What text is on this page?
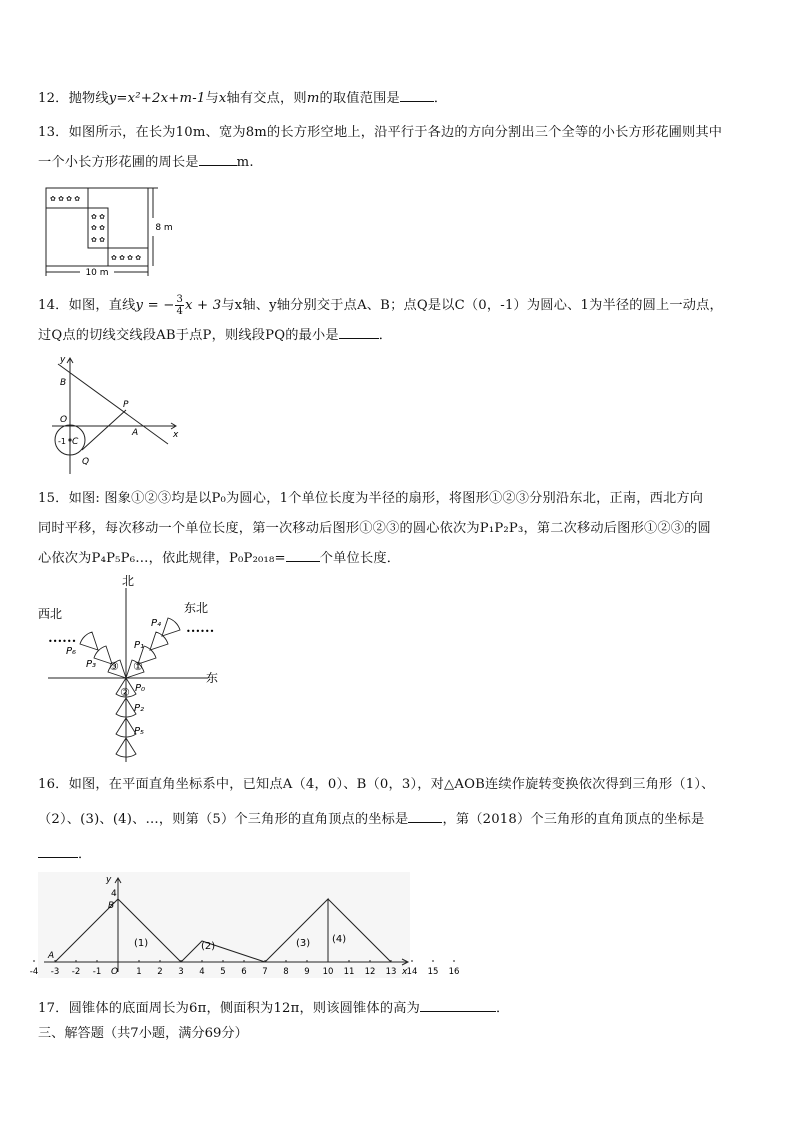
12．抛物线y=x²+2x+m-1与x轴有交点，则m的取值范围是	．
13．如图所示，在长为10m、宽为8m的长方形空地上，沿平行于各边的方向分割出三个全等的小长方形花圃则其中
一个小长方形花圃的周长是	m.
✿ ✿ ✿ ✿
✿ ✿
✿ ✿
✿ ✿
✿ ✿ ✿ ✿
10 m
8 m
14．如图，直线y = − $\frac{3}{4}$ x + 3与x轴、y轴分别交于点A、B；点Q是以C（0，-1）为圆心、1为半径的圆上一动点，
过Q点的切线交线段AB于点P，则线段PQ的最小是	．
y
B
O
P
A	x
C
Q
-1
15．如图: 图象①②③均是以P₀为圆心，1个单位长度为半径的扇形，将图形①②③分别沿东北，正南，西北方向
同时平移，每次移动一个单位长度，第一次移动后图形①②③的圆心依次为P₁P₂P₃，第二次移动后图形①②③的圆
心依次为P₄P₅P₆…，依此规律，P₀P₂₀₁₈=	个单位长度．
北
东
西北	东北
••••••
••••••
P₀
P₁
P₂
P₃
P₄
P₅
P₆
①
②
③
16．如图，在平面直角坐标系中，已知点A（4，0）、B（0，3），对△AOB连续作旋转变换依次得到三角形（1）、
（2）、(3)、(4)、…，则第（5）个三角形的直角顶点的坐标是	，第（2018）个三角形的直角顶点的坐标是
．
y
x
B
A
O
4
(1)	(2)	(3) (4)
-4 -3 -2 -1	1 2 3 4 5 6 7 8 9 10 11 12 13 14 15 16
17．圆锥体的底面周长为6π，侧面积为12π，则该圆锥体的高为	．
三、解答题（共7小题，满分69分）
